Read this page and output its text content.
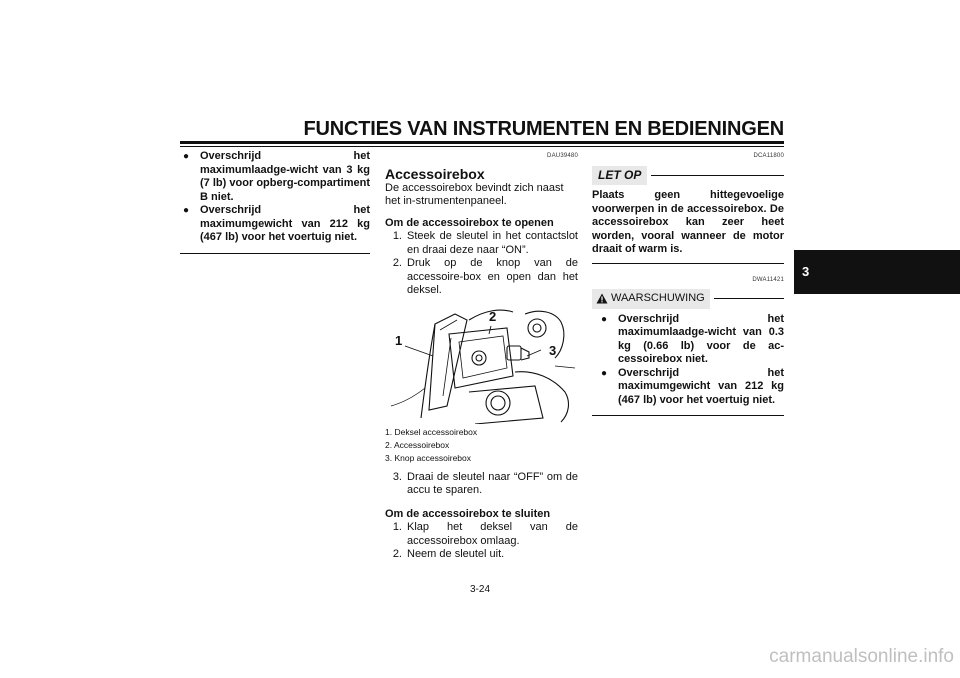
FUNCTIES VAN INSTRUMENTEN EN BEDIENINGEN
3
● Overschrijd het maximumlaadge-wicht van 3 kg (7 lb) voor opberg-compartiment B niet.
● Overschrijd het maximumgewicht van 212 kg (467 lb) voor het voertuig niet.
DAU39480
Accessoirebox
De accessoirebox bevindt zich naast het in-strumentenpaneel.
Om de accessoirebox te openen
1. Steek de sleutel in het contactslot en draai deze naar “ON”.
2. Druk op de knop van de accessoire-box en open dan het deksel.
1
2
3
1. Deksel accessoirebox
2. Accessoirebox
3. Knop accessoirebox
3. Draai de sleutel naar “OFF” om de accu te sparen.
Om de accessoirebox te sluiten
1. Klap het deksel van de accessoirebox omlaag.
2. Neem de sleutel uit.
DCA11800
LET OP
Plaats geen hittegevoelige voorwerpen in de accessoirebox. De accessoirebox kan zeer heet worden, vooral wanneer de motor draait of warm is.
DWA11421
WAARSCHUWING
● Overschrijd het maximumlaadge-wicht van 0.3 kg (0.66 lb) voor de ac-cessoirebox niet.
● Overschrijd het maximumgewicht van 212 kg (467 lb) voor het voertuig niet.
3-24
carmanualsonline.info
